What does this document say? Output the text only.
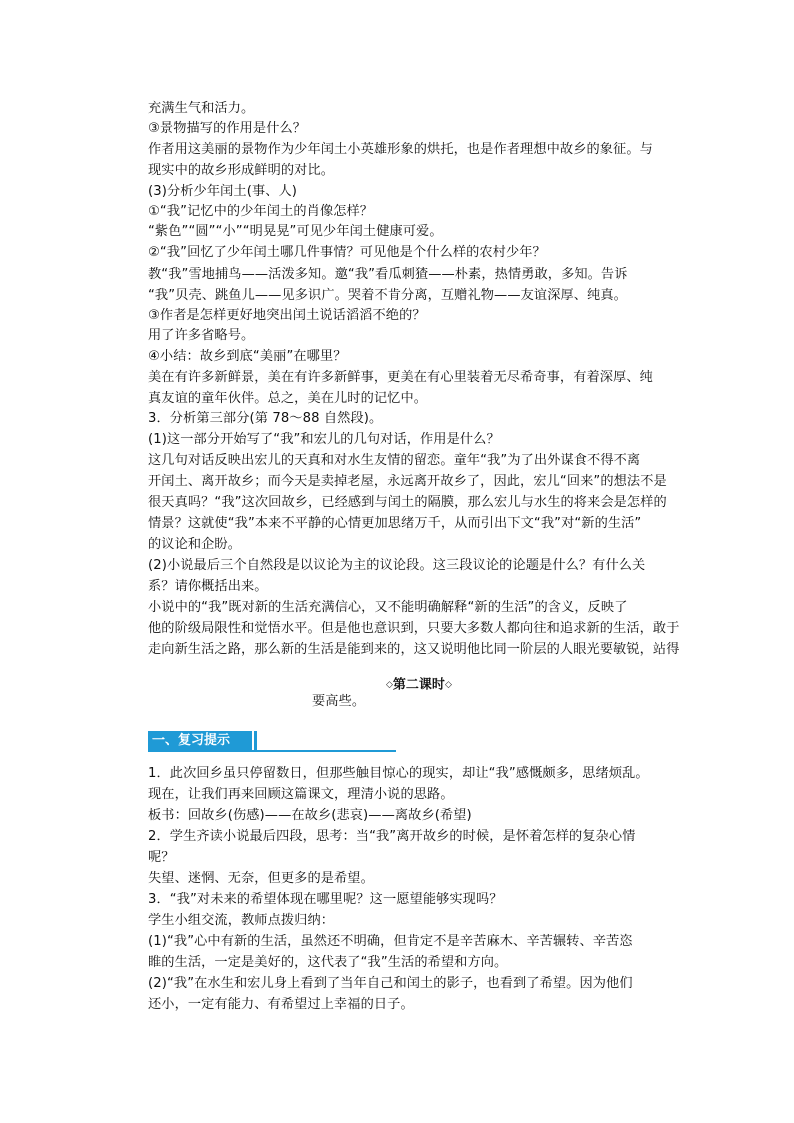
充满生气和活力。
③景物描写的作用是什么？
作者用这美丽的景物作为少年闰土小英雄形象的烘托，也是作者理想中故乡的象征。与
现实中的故乡形成鲜明的对比。
(3)分析少年闰土(事、人)
①“我”记忆中的少年闰土的肖像怎样？
“紫色”“圆”“小”“明晃晃”可见少年闰土健康可爱。
②“我”回忆了少年闰土哪几件事情？可见他是个什么样的农村少年？
教“我”雪地捕鸟——活泼多知。邀“我”看瓜刺猹——朴素，热情勇敢，多知。告诉
“我”贝壳、跳鱼儿——见多识广。哭着不肯分离，互赠礼物——友谊深厚、纯真。
③作者是怎样更好地突出闰土说话滔滔不绝的？
用了许多省略号。
④小结：故乡到底“美丽”在哪里？
美在有许多新鲜景，美在有许多新鲜事，更美在有心里装着无尽希奇事，有着深厚、纯
真友谊的童年伙伴。总之，美在儿时的记忆中。
3．分析第三部分(第 78～88 自然段)。
(1)这一部分开始写了“我”和宏儿的几句对话，作用是什么？
这几句对话反映出宏儿的天真和对水生友情的留恋。童年“我”为了出外谋食不得不离
开闰土、离开故乡；而今天是卖掉老屋，永远离开故乡了，因此，宏儿“回来”的想法不是
很天真吗？“我”这次回故乡，已经感到与闰土的隔膜，那么宏儿与水生的将来会是怎样的
情景？这就使“我”本来不平静的心情更加思绪万千，从而引出下文“我”对“新的生活”
的议论和企盼。
(2)小说最后三个自然段是以议论为主的议论段。这三段议论的论题是什么？有什么关
系？请你概括出来。
小说中的“我”既对新的生活充满信心，又不能明确解释“新的生活”的含义，反映了
他的阶级局限性和觉悟水平。但是他也意识到，只要大多数人都向往和追求新的生活，敢于
走向新生活之路，那么新的生活是能到来的，这又说明他比同一阶层的人眼光要敏锐，站得
◇第二课时◇
要高些。
一、复习提示
1．此次回乡虽只停留数日，但那些触目惊心的现实，却让“我”感慨颇多，思绪烦乱。
现在，让我们再来回顾这篇课文，理清小说的思路。
板书：回故乡(伤感)——在故乡(悲哀)——离故乡(希望)
2．学生齐读小说最后四段，思考：当“我”离开故乡的时候，是怀着怎样的复杂心情
呢？
失望、迷惘、无奈，但更多的是希望。
3．“我”对未来的希望体现在哪里呢？这一愿望能够实现吗？
学生小组交流，教师点拨归纳：
(1)“我”心中有新的生活，虽然还不明确，但肯定不是辛苦麻木、辛苦辗转、辛苦恣
睢的生活，一定是美好的，这代表了“我”生活的希望和方向。
(2)“我”在水生和宏儿身上看到了当年自己和闰土的影子，也看到了希望。因为他们
还小，一定有能力、有希望过上幸福的日子。
